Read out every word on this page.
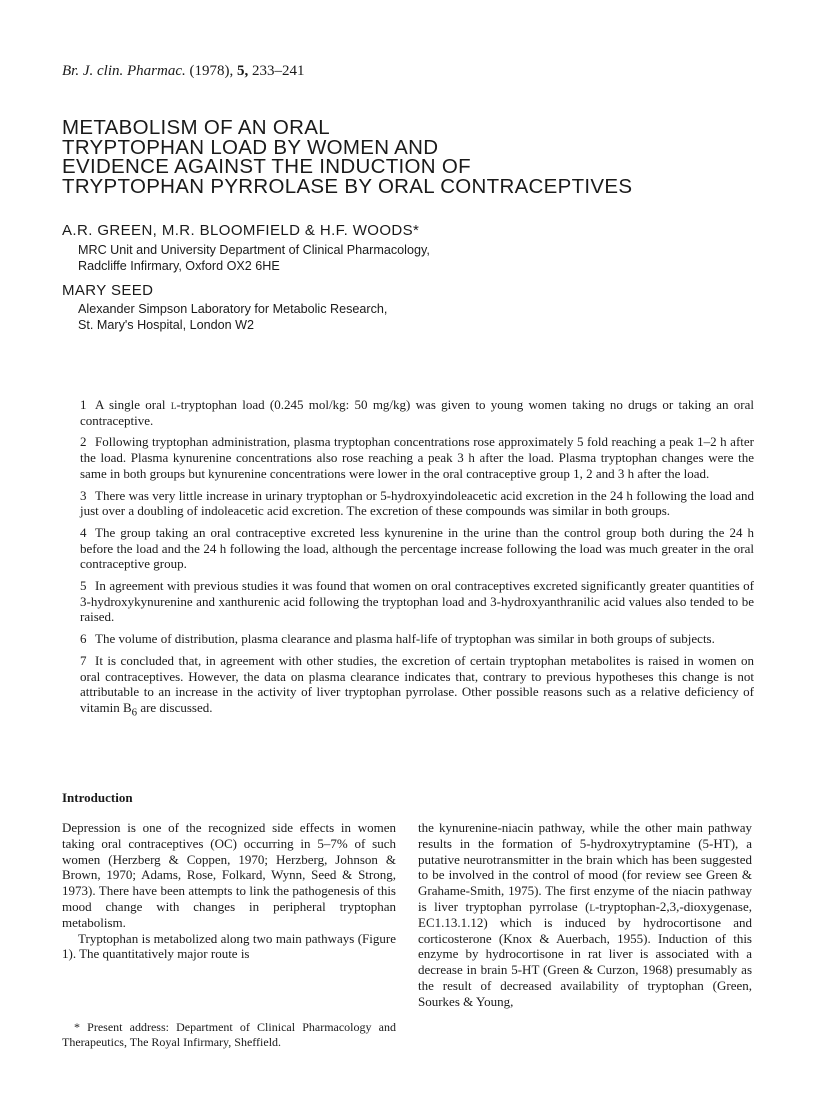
Br. J. clin. Pharmac. (1978), 5, 233–241
METABOLISM OF AN ORAL
TRYPTOPHAN LOAD BY WOMEN AND
EVIDENCE AGAINST THE INDUCTION OF
TRYPTOPHAN PYRROLASE BY ORAL CONTRACEPTIVES
A.R. GREEN, M.R. BLOOMFIELD & H.F. WOODS*
MRC Unit and University Department of Clinical Pharmacology,
Radcliffe Infirmary, Oxford OX2 6HE
MARY SEED
Alexander Simpson Laboratory for Metabolic Research,
St. Mary's Hospital, London W2

1 A single oral l-tryptophan load (0.245 mol/kg: 50 mg/kg) was given to young women taking no drugs or taking an oral contraceptive.

2 Following tryptophan administration, plasma tryptophan concentrations rose approximately 5 fold reaching a peak 1–2 h after the load. Plasma kynurenine concentrations also rose reaching a peak 3 h after the load. Plasma tryptophan changes were the same in both groups but kynurenine concentrations were lower in the oral contraceptive group 1, 2 and 3 h after the load.

3 There was very little increase in urinary tryptophan or 5-hydroxyindoleacetic acid excretion in the 24 h following the load and just over a doubling of indoleacetic acid excretion. The excretion of these compounds was similar in both groups.

4 The group taking an oral contraceptive excreted less kynurenine in the urine than the control group both during the 24 h before the load and the 24 h following the load, although the percentage increase following the load was much greater in the oral contraceptive group.

5 In agreement with previous studies it was found that women on oral contraceptives excreted significantly greater quantities of 3-hydroxykynurenine and xanthurenic acid following the tryptophan load and 3-hydroxyanthranilic acid values also tended to be raised.

6 The volume of distribution, plasma clearance and plasma half-life of tryptophan was similar in both groups of subjects.

7 It is concluded that, in agreement with other studies, the excretion of certain tryptophan metabolites is raised in women on oral contraceptives. However, the data on plasma clearance indicates that, contrary to previous hypotheses this change is not attributable to an increase in the activity of liver tryptophan pyrrolase. Other possible reasons such as a relative deficiency of vitamin $B_6$ are discussed.

Introduction

Depression is one of the recognized side effects in women taking oral contraceptives (OC) occurring in 5–7% of such women (Herzberg & Coppen, 1970; Herzberg, Johnson & Brown, 1970; Adams, Rose, Folkard, Wynn, Seed & Strong, 1973). There have been attempts to link the pathogenesis of this mood change with changes in peripheral tryptophan metabolism.

Tryptophan is metabolized along two main pathways (Figure 1). The quantitatively major route is

* Present address: Department of Clinical Pharmacology and Therapeutics, The Royal Infirmary, Sheffield.

the kynurenine-niacin pathway, while the other main pathway results in the formation of 5-hydroxytryptamine (5-HT), a putative neurotransmitter in the brain which has been suggested to be involved in the control of mood (for review see Green & Grahame-Smith, 1975). The first enzyme of the niacin pathway is liver tryptophan pyrrolase (l-tryptophan-2,3,-dioxygenase, EC1.13.1.12) which is induced by hydrocortisone and corticosterone (Knox & Auerbach, 1955). Induction of this enzyme by hydrocortisone in rat liver is associated with a decrease in brain 5-HT (Green & Curzon, 1968) presumably as the result of decreased availability of tryptophan (Green, Sourkes & Young,
